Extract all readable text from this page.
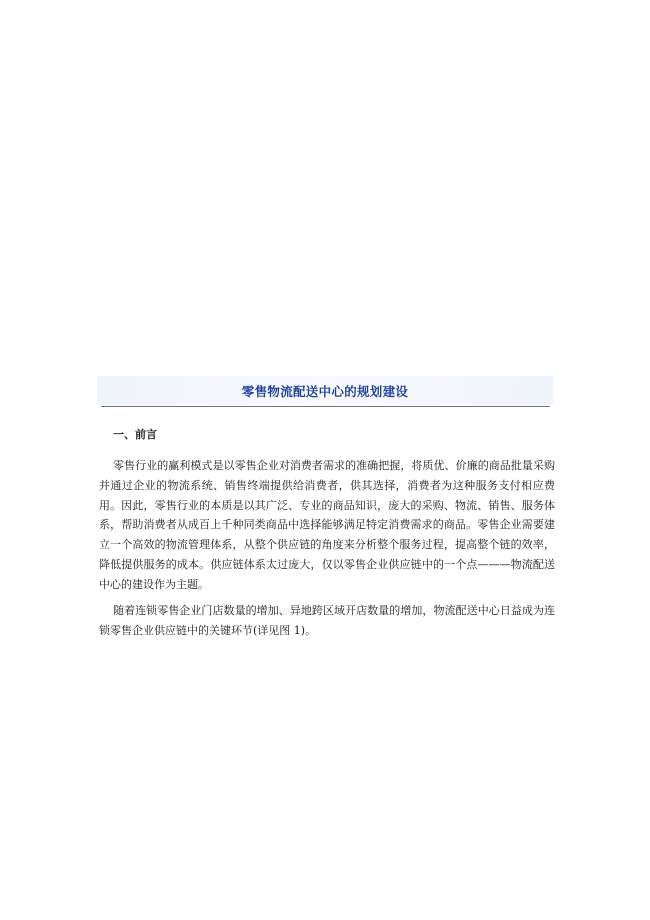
零售物流配送中心的规划建设
一、前言
零售行业的赢利模式是以零售企业对消费者需求的准确把握，将质优、价廉的商品批量采购并通过企业的物流系统、销售终端提供给消费者，供其选择，消费者为这种服务支付相应费用。因此，零售行业的本质是以其广泛、专业的商品知识，庞大的采购、物流、销售、服务体系，帮助消费者从成百上千种同类商品中选择能够满足特定消费需求的商品。零售企业需要建立一个高效的物流管理体系，从整个供应链的角度来分析整个服务过程，提高整个链的效率，降低提供服务的成本。供应链体系太过庞大，仅以零售企业供应链中的一个点———物流配送中心的建设作为主题。
随着连锁零售企业门店数量的增加、异地跨区域开店数量的增加，物流配送中心日益成为连锁零售企业供应链中的关键环节(详见图 1)。
